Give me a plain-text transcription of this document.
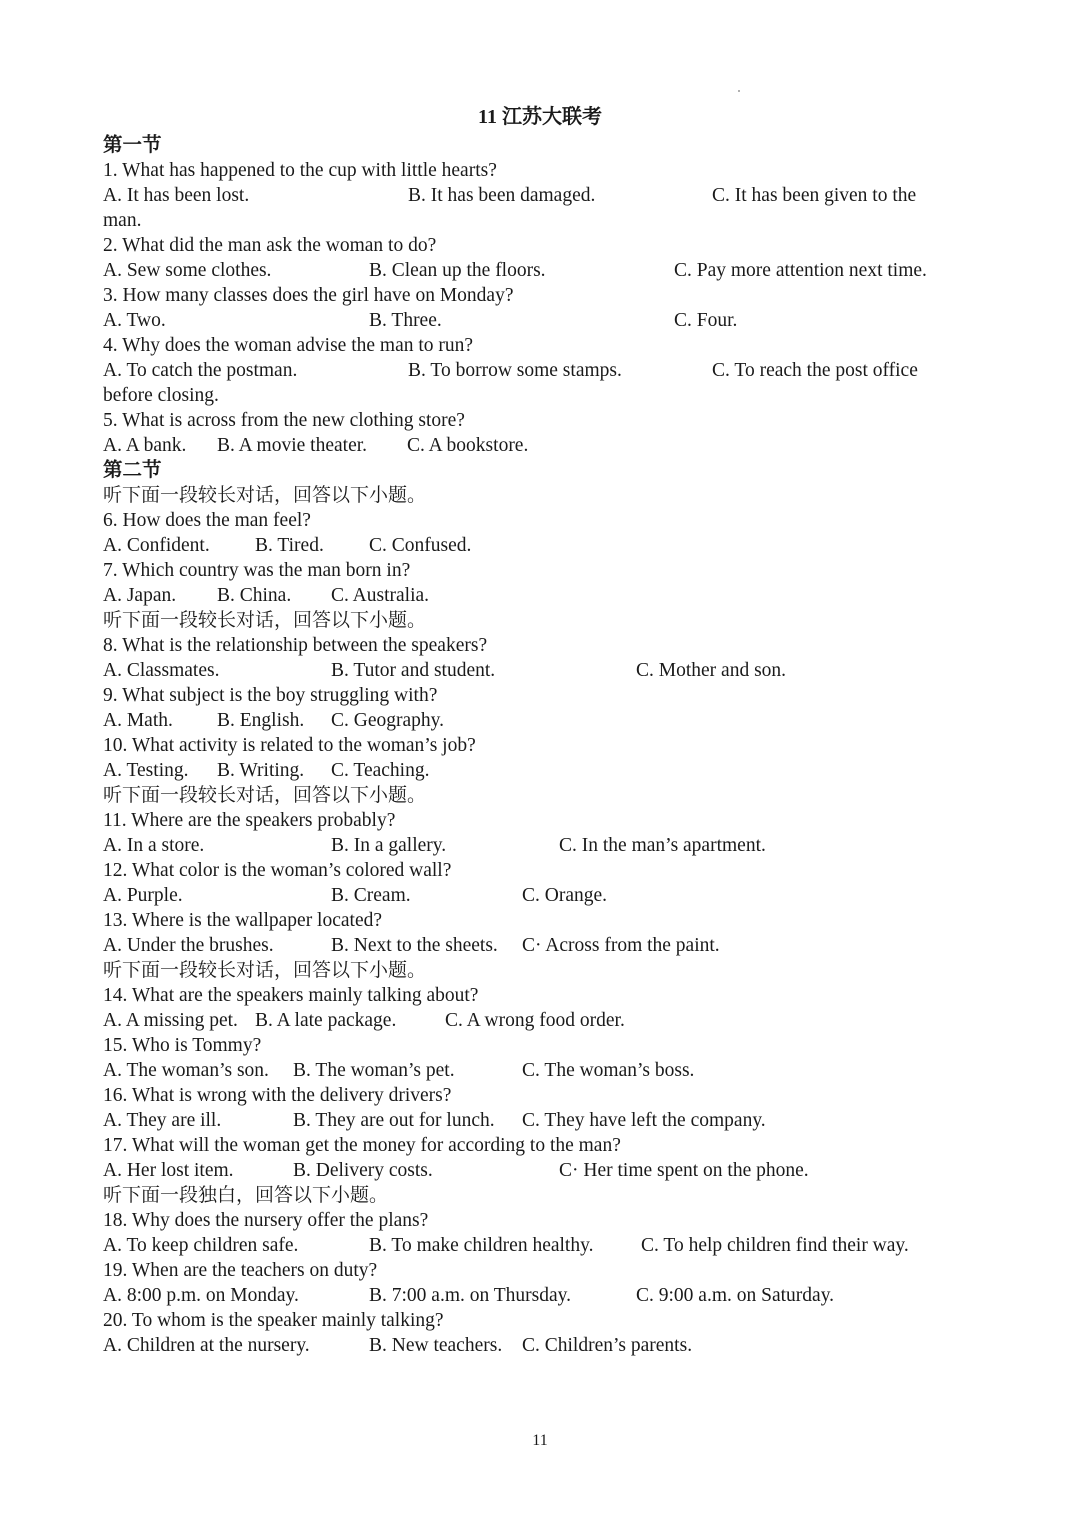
11 江苏大联考
第一节
1. What has happened to the cup with little hearts?
A. It has been lost.	B. It has been damaged.	C. It has been given to the
man.
2. What did the man ask the woman to do?
A. Sew some clothes.	B. Clean up the floors.	C. Pay more attention next time.
3. How many classes does the girl have on Monday?
A. Two.	B. Three.	C. Four.
4. Why does the woman advise the man to run?
A. To catch the postman.	B. To borrow some stamps.	C. To reach the post office
before closing.
5. What is across from the new clothing store?
A. A bank. B. A movie theater. C. A bookstore.
第二节
听下面一段较长对话，回答以下小题。
6. How does the man feel?
A. Confident. B. Tired. C. Confused.
7. Which country was the man born in?
A. Japan. B. China. C. Australia.
听下面一段较长对话，回答以下小题。
8. What is the relationship between the speakers?
A. Classmates.	B. Tutor and student.	C. Mother and son.
9. What subject is the boy struggling with?
A. Math. B. English. C. Geography.
10. What activity is related to the woman’s job?
A. Testing. B. Writing. C. Teaching.
听下面一段较长对话，回答以下小题。
11. Where are the speakers probably?
A. In a store.	B. In a gallery.	C. In the man’s apartment.
12. What color is the woman’s colored wall?
A. Purple.	B. Cream.	C. Orange.
13. Where is the wallpaper located?
A. Under the brushes.	B. Next to the sheets. C· Across from the paint.
听下面一段较长对话，回答以下小题。
14. What are the speakers mainly talking about?
A. A missing pet. B. A late package. C. A wrong food order.
15. Who is Tommy?
A. The woman’s son. B. The woman’s pet.	C. The woman’s boss.
16. What is wrong with the delivery drivers?
A. They are ill.	B. They are out for lunch. C. They have left the company.
17. What will the woman get the money for according to the man?
A. Her lost item.	B. Delivery costs.	C· Her time spent on the phone.
听下面一段独白，回答以下小题。
18. Why does the nursery offer the plans?
A. To keep children safe.	B. To make children healthy. C. To help children find their way.
19. When are the teachers on duty?
A. 8:00 p.m. on Monday.	B. 7:00 a.m. on Thursday.	C. 9:00 a.m. on Saturday.
20. To whom is the speaker mainly talking?
A. Children at the nursery.	B. New teachers. C. Children’s parents.
11
